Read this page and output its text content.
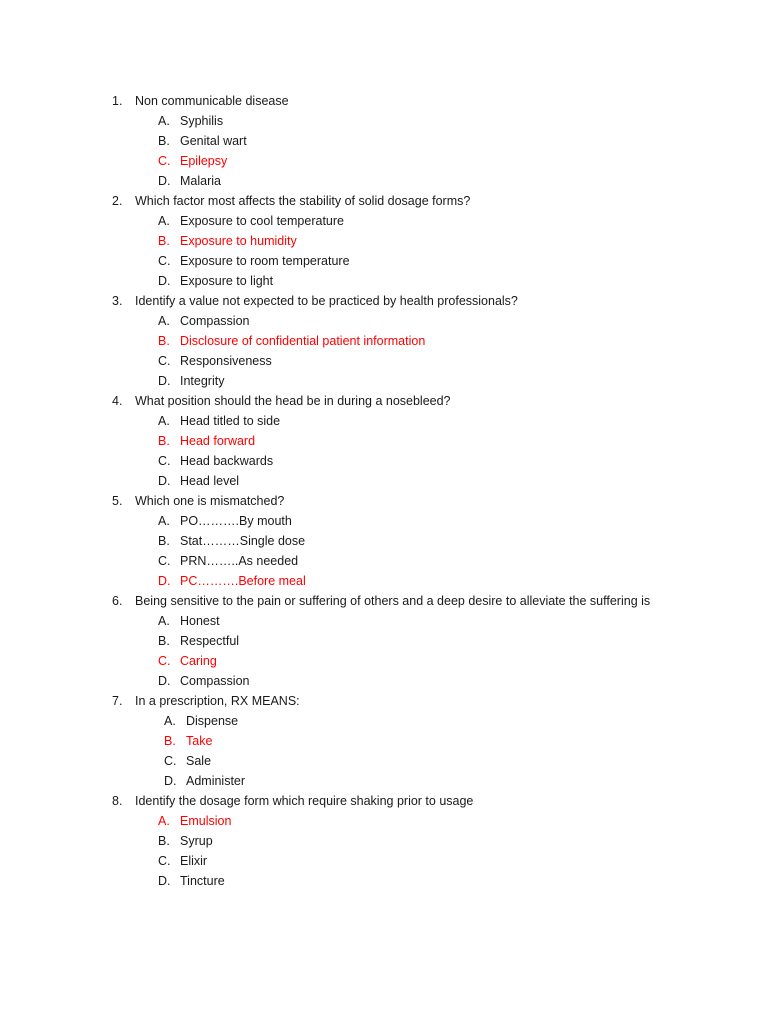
1. Non communicable disease
A. Syphilis
B. Genital wart
C. Epilepsy
D. Malaria
2. Which factor most affects the stability of solid dosage forms?
A. Exposure to cool temperature
B. Exposure to humidity
C. Exposure to room temperature
D. Exposure to light
3. Identify a value not expected to be practiced by health professionals?
A. Compassion
B. Disclosure of confidential patient information
C. Responsiveness
D. Integrity
4. What position should the head be in during a nosebleed?
A. Head titled to side
B. Head forward
C. Head backwards
D. Head level
5. Which one is mismatched?
A. PO……….By mouth
B. Stat………Single dose
C. PRN……..As needed
D. PC……….Before meal
6. Being sensitive to the pain or suffering of others and a deep desire to alleviate the suffering is
A. Honest
B. Respectful
C. Caring
D. Compassion
7. In a prescription, RX MEANS:
A. Dispense
B. Take
C. Sale
D. Administer
8. Identify the dosage form which require shaking prior to usage
A. Emulsion
B. Syrup
C. Elixir
D. Tincture
